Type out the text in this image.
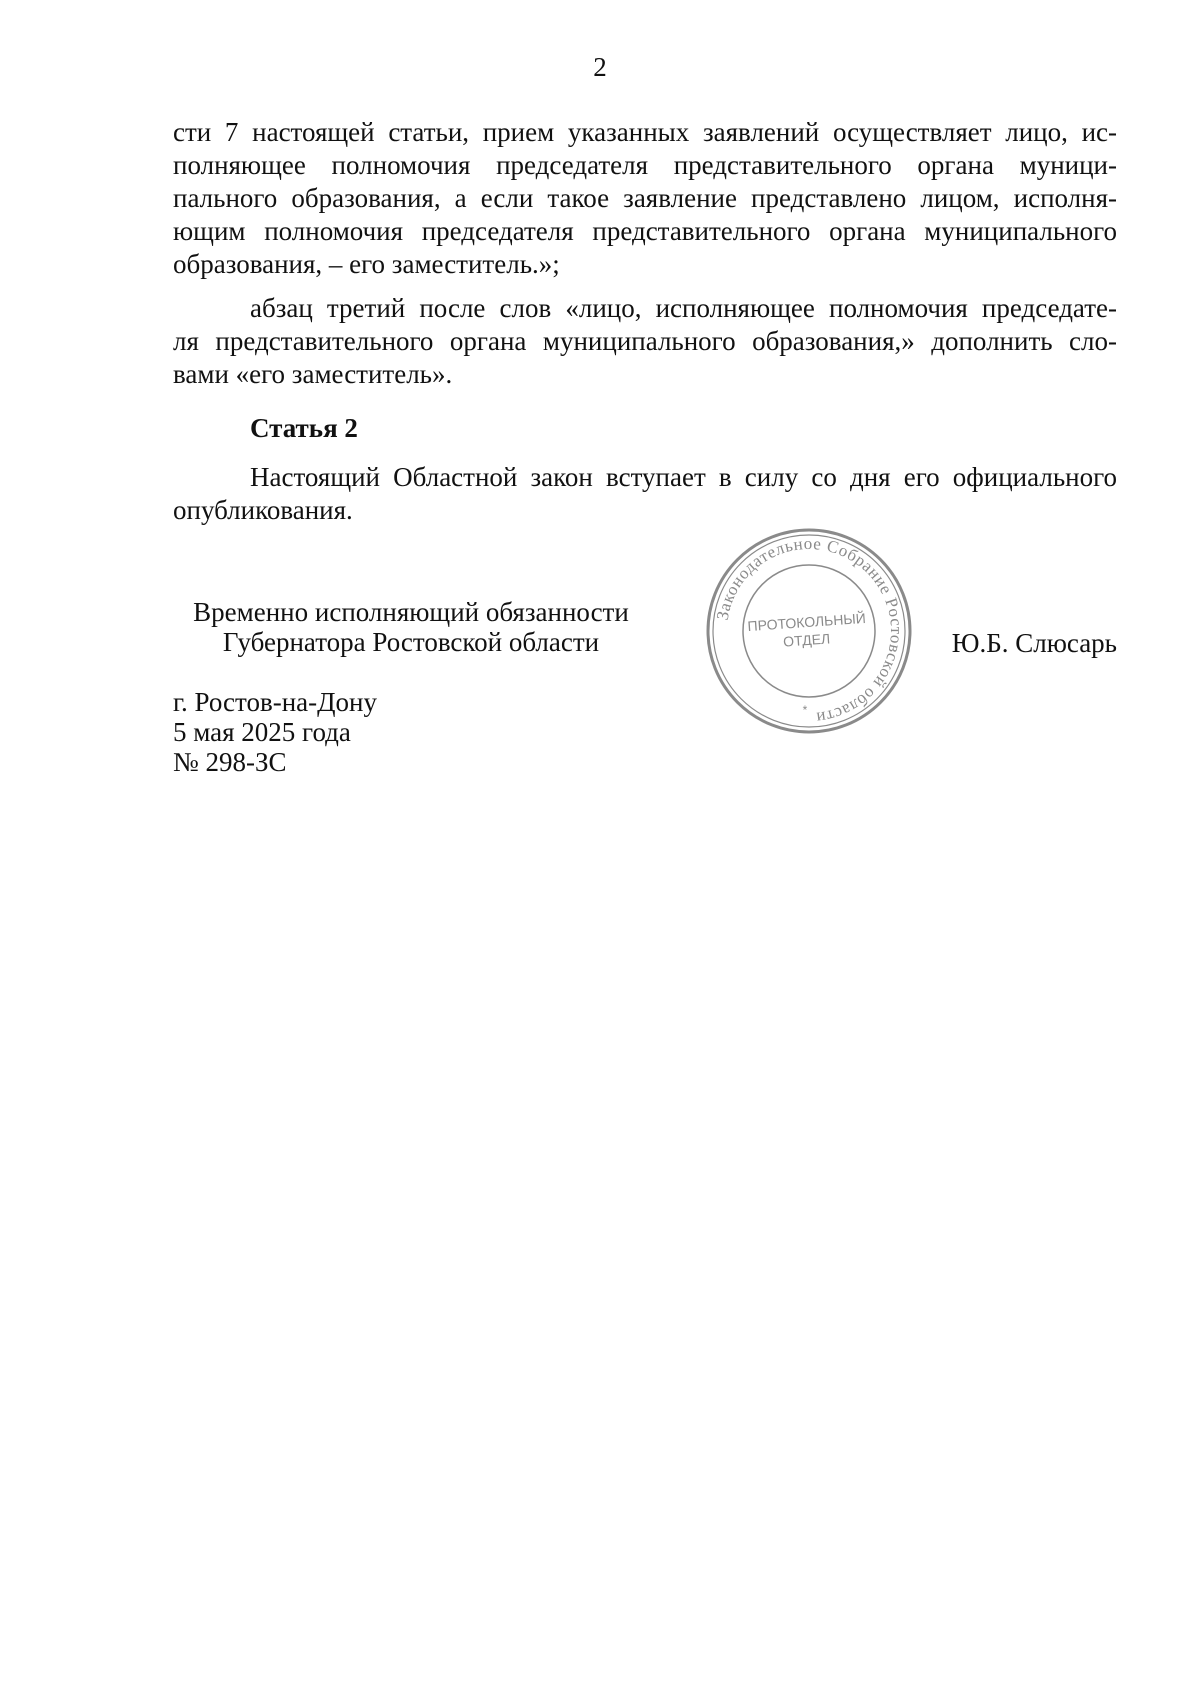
2
сти 7 настоящей статьи, прием указанных заявлений осуществляет лицо, ис-
полняющее полномочия председателя представительного органа муници-
пального образования, а если такое заявление представлено лицом, исполня-
ющим полномочия председателя представительного органа муниципального
образования, – его заместитель.»;
абзац третий после слов «лицо, исполняющее полномочия председате-
ля представительного органа муниципального образования,» дополнить сло-
вами «его заместитель».
Статья 2
Настоящий Областной закон вступает в силу со дня его официального
опубликования.
Временно исполняющий обязанности
Губернатора Ростовской области	Ю.Б. Слюсарь
г. Ростов-на-Дону
5 мая 2025 года
№ 298-ЗС
Законодательное Собрание Ростовской области
*
ПРОТОКОЛЬНЫЙ
ОТДЕЛ
